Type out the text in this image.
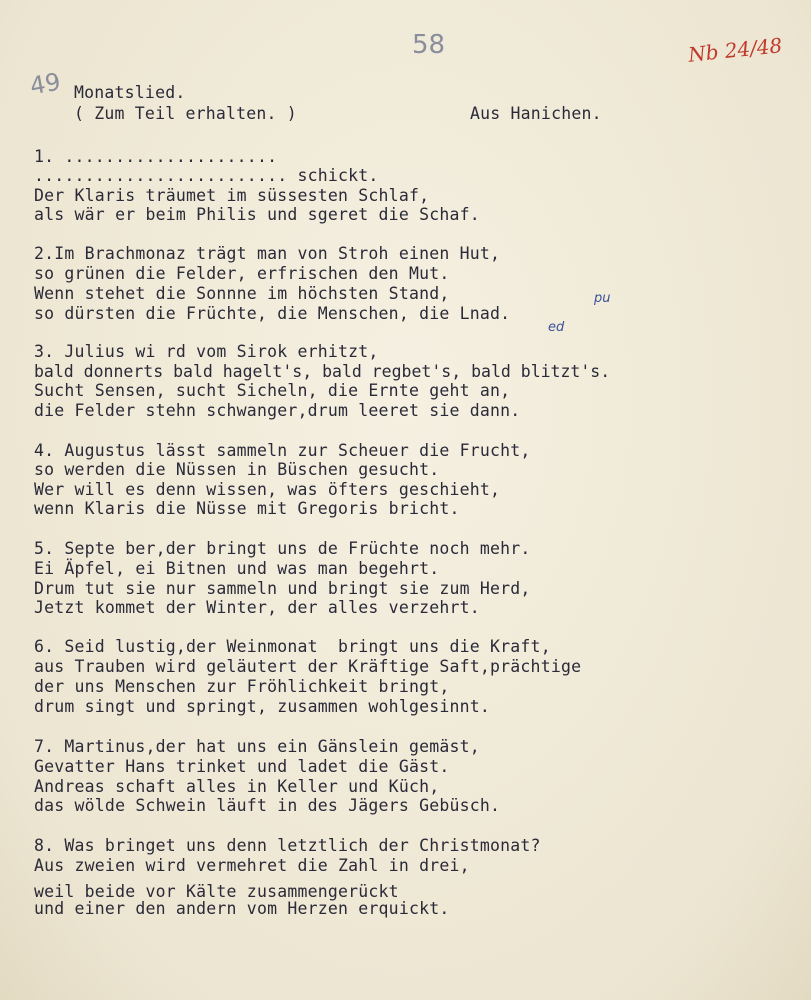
58
49
Nb 24/48
Monatslied.
( Zum Teil erhalten. )	Aus Hanichen.
1. .....................
......................... schickt.
Der Klaris träumet im süssesten Schlaf,
als wär er beim Philis und sgeret die Schaf.
2.Im Brachmonaz trägt man von Stroh einen Hut,
so grünen die Felder, erfrischen den Mut.
Wenn stehet die Sonnne im höchsten Stand,
so dürsten die Früchte, die Menschen, die Lnad.
pu
ed
3. Julius wi rd vom Sirok erhitzt,
bald donnerts bald hagelt's, bald regbet's, bald blitzt's.
Sucht Sensen, sucht Sicheln, die Ernte geht an,
die Felder stehn schwanger,drum leeret sie dann.
4. Augustus lässt sammeln zur Scheuer die Frucht,
so werden die Nüssen in Büschen gesucht.
Wer will es denn wissen, was öfters geschieht,
wenn Klaris die Nüsse mit Gregoris bricht.
5. Septe ber,der bringt uns de Früchte noch mehr.
Ei Äpfel, ei Bitnen und was man begehrt.
Drum tut sie nur sammeln und bringt sie zum Herd,
Jetzt kommet der Winter, der alles verzehrt.
6. Seid lustig,der Weinmonat  bringt uns die Kraft,
aus Trauben wird geläutert der Kräftige Saft,prächtige
der uns Menschen zur Fröhlichkeit bringt,
drum singt und springt, zusammen wohlgesinnt.
7. Martinus,der hat uns ein Gänslein gemäst,
Gevatter Hans trinket und ladet die Gäst.
Andreas schaft alles in Keller und Küch,
das wölde Schwein läuft in des Jägers Gebüsch.
8. Was bringet uns denn letztlich der Christmonat?
Aus zweien wird vermehret die Zahl in drei,
weil beide vor Kälte zusammengerückt
und einer den andern vom Herzen erquickt.
